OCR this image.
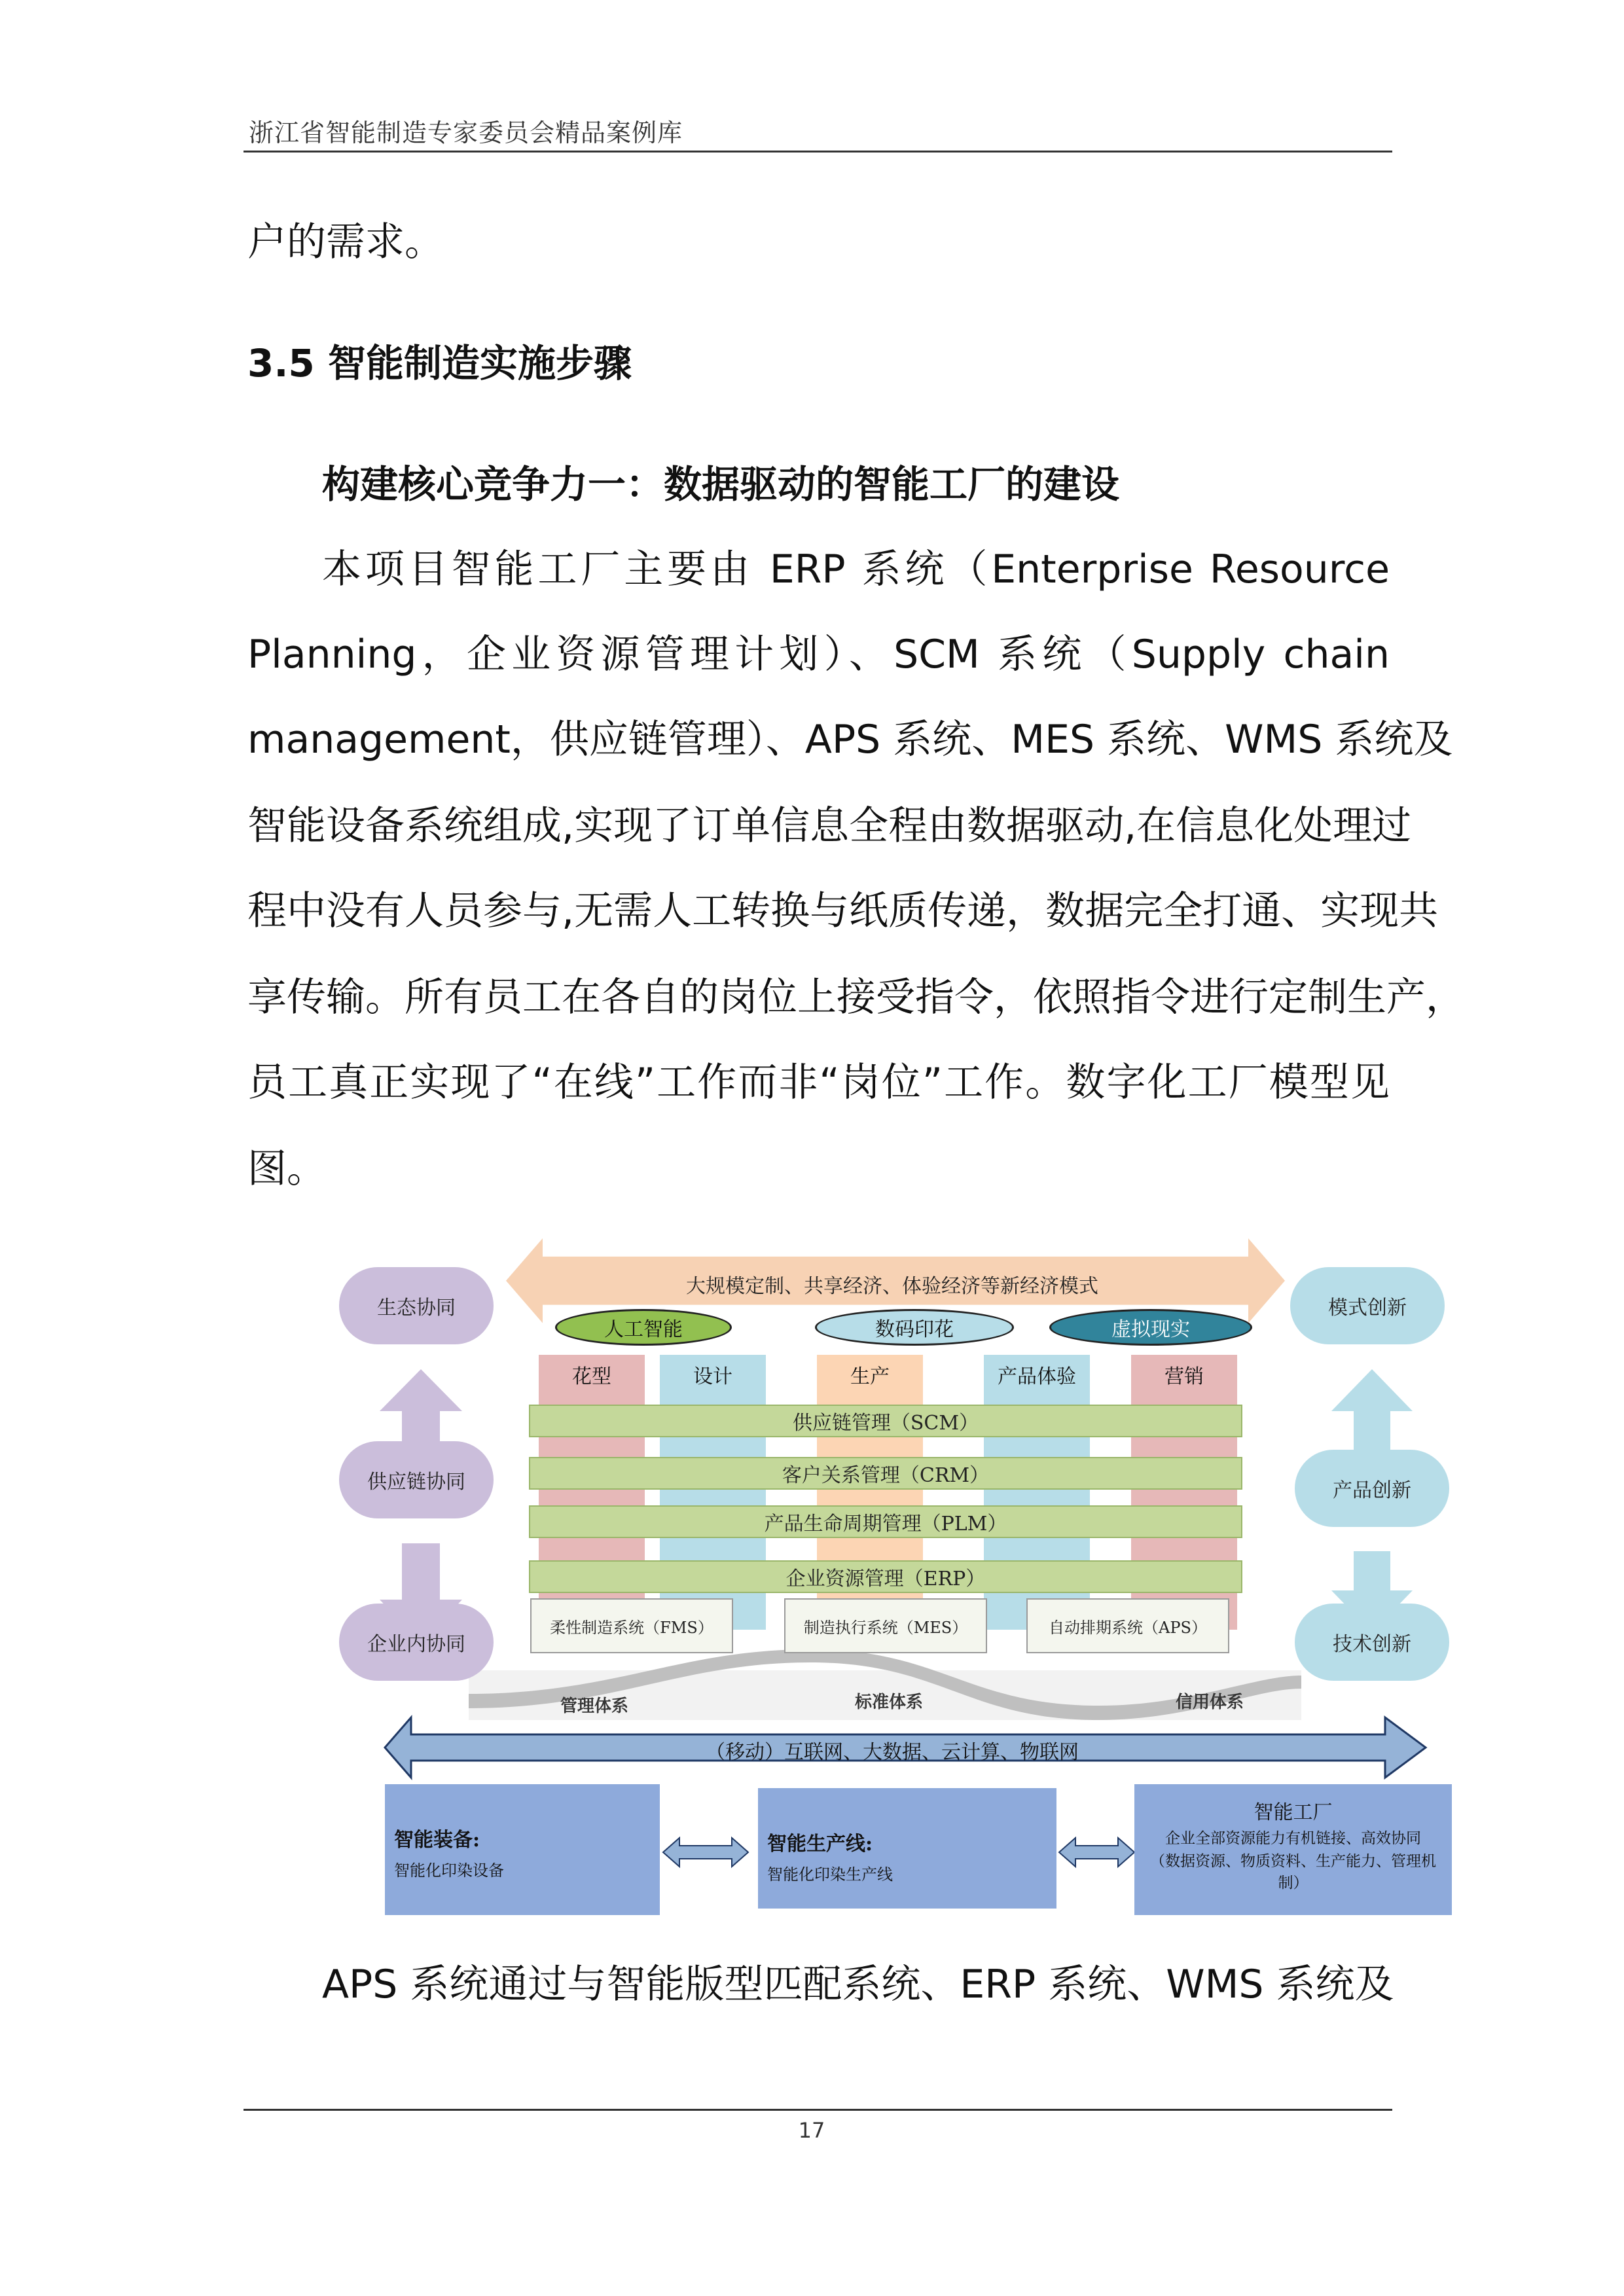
浙江省智能制造专家委员会精品案例库
户的需求。
3.5 智能制造实施步骤
构建核心竞争力一：数据驱动的智能工厂的建设
本项目智能工厂主要由 ERP 系统（Enterprise Resource
Planning，企业资源管理计划）、SCM 系统（Supply chain
management，供应链管理）、APS 系统、MES 系统、WMS 系统及
智能设备系统组成,实现了订单信息全程由数据驱动,在信息化处理过
程中没有人员参与,无需人工转换与纸质传递，数据完全打通、实现共
享传输。所有员工在各自的岗位上接受指令，依照指令进行定制生产，
员工真正实现了“在线”工作而非“岗位”工作。数字化工厂模型见
图。
大规模定制、共享经济、体验经济等新经济模式
生态协同
供应链协同
企业内协同
模式创新
产品创新
技术创新
人工智能	数码印花	虚拟现实
花型	设计	生产	产品体验	营销
供应链管理（SCM）
客户关系管理（CRM）
产品生命周期管理（PLM）
企业资源管理（ERP）
柔性制造系统（FMS）	制造执行系统（MES）	自动排期系统（APS）
管理体系	标准体系	信用体系
（移动）互联网、大数据、云计算、物联网
智能装备:
智能化印染设备
智能生产线:
智能化印染生产线
智能工厂
企业全部资源能力有机链接、高效协同
（数据资源、物质资料、生产能力、管理机制）
APS 系统通过与智能版型匹配系统、ERP 系统、WMS 系统及
17
